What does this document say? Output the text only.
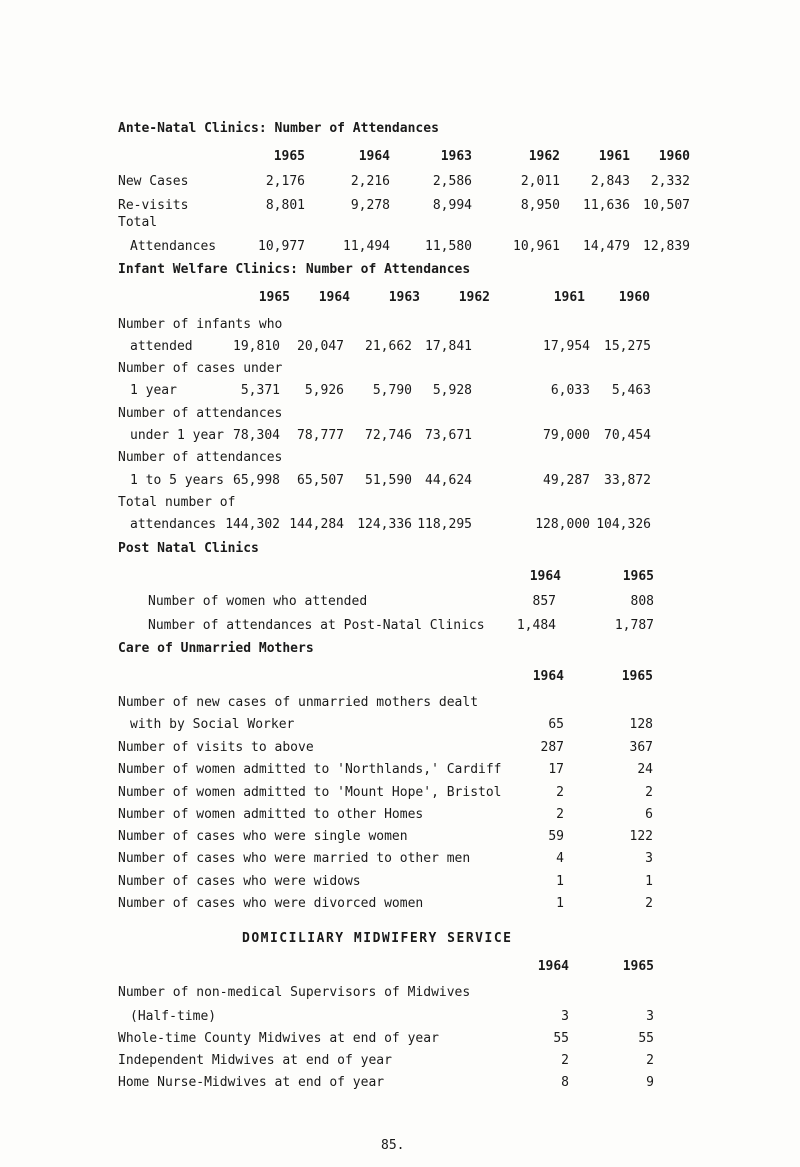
Ante-Natal Clinics: Number of Attendances
1965	1964	1963	1962	1961	1960
New Cases	2,176	2,216	2,586	2,011	2,843	2,332
Re-visits	8,801	9,278	8,994	8,950	11,636	10,507
Total
Attendances	10,977	11,494	11,580	10,961	14,479	12,839
Infant Welfare Clinics: Number of Attendances
1965	1964	1963	1962	1961	1960
Number of infants who
attended	19,810	20,047	21,662	17,841	17,954	15,275
Number of cases under
1 year	5,371	5,926	5,790	5,928	6,033	5,463
Number of attendances
under 1 year 78,304	78,777	72,746	73,671	79,000	70,454
Number of attendances
1 to 5 years 65,998	65,507	51,590	44,624	49,287	33,872
Total number of
attendances 144,302 144,284	124,336 118,295	128,000 104,326
Post Natal Clinics
1964	1965
Number of women who attended	857	808
Number of attendances at Post-Natal Clinics	1,484	1,787
Care of Unmarried Mothers
1964	1965
Number of new cases of unmarried mothers dealt
with by Social Worker	65	128
Number of visits to above	287	367
Number of women admitted to 'Northlands,' Cardiff	17	24
Number of women admitted to 'Mount Hope', Bristol	2	2
Number of women admitted to other Homes	2	6
Number of cases who were single women	59	122
Number of cases who were married to other men	4	3
Number of cases who were widows	1	1
Number of cases who were divorced women	1	2
DOMICILIARY MIDWIFERY SERVICE
1964	1965
Number of non-medical Supervisors of Midwives
(Half-time)	3	3
Whole-time County Midwives at end of year	55	55
Independent Midwives at end of year	2	2
Home Nurse-Midwives at end of year	8	9
85.
